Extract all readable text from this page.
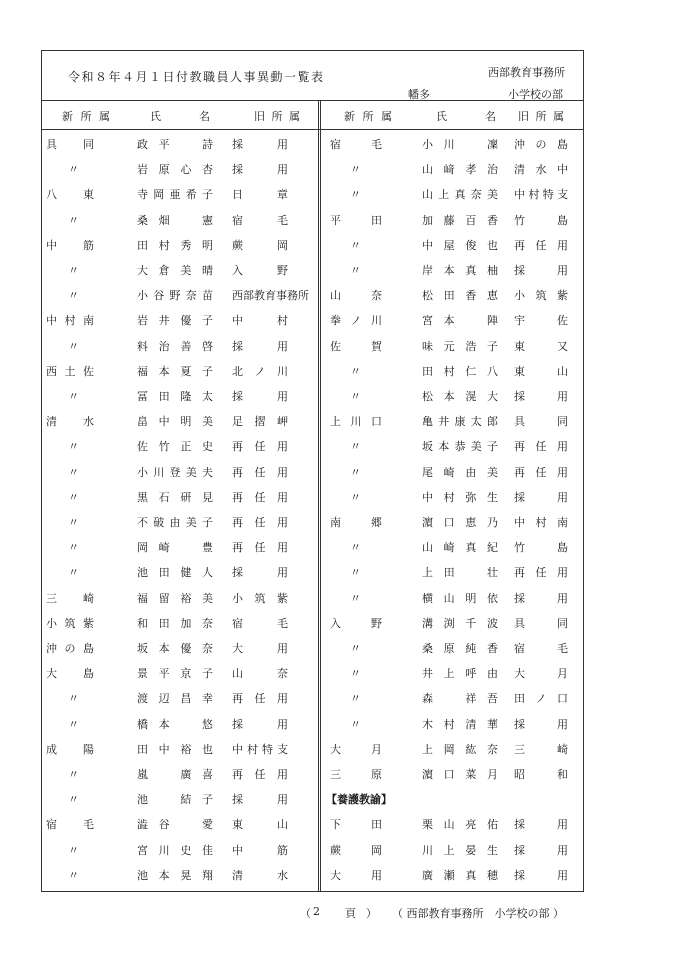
令和８年４月１日付教職員人事異動一覧表	西部教育事務所
幡多	小学校の部
新所属	氏　名	旧所属	新所属	氏　名 旧所属
具同	政平　詩 採用
〃	岩原心杏 採用
八東	寺岡亜希子 日章
〃	桑畑　憲 宿毛
中筋	田村秀明 蕨岡
〃	大倉美晴 入野
〃	小谷野奈苗 西部教育事務所
中村南	岩井優子 中村
〃	料治善啓 採用
西土佐	福本夏子 北ノ川
〃	冨田隆太 採用
清水	畠中明美 足摺岬
〃	佐竹正史 再任用
〃	小川登美夫 再任用
〃	黒石研見 再任用
〃	不破由美子 再任用
〃	岡崎　豊 再任用
〃	池田健人 採用
三崎	福留裕美 小筑紫
小筑紫	和田加奈 宿毛
沖の島	坂本優奈 大用
大島	景平京子 山奈
〃	渡辺昌幸 再任用
〃	橋本　悠 採用
成陽	田中裕也 中村特支
〃	嵐　廣喜 再任用
〃	池　結子 採用
宿毛	澁谷　愛 東山
〃	宮川史佳 中筋
〃	池本晃翔 清水
宿毛	小川　凜 沖の島
〃	山﨑孝治 清水中
〃	山上真奈美 中村特支
平田	加藤百香 竹島
〃	中屋俊也 再任用
〃	岸本真柚 採用
山奈	松田香恵 小筑紫
拳ノ川	宮本　陣 宇佐
佐賀	味元浩子 東又
〃	田村仁八 東山
〃	松本滉大 採用
上川口	亀井康太郎 具同
〃	坂本恭美子 再任用
〃	尾崎由美 再任用
〃	中村弥生 採用
南郷	濵口恵乃 中村南
〃	山崎真紀 竹島
〃	上田　壮 再任用
〃	横山明依 採用
入野	溝渕千波 具同
〃	桑原純香 宿毛
〃	井上呼由 大月
〃	森　祥吾 田ノ口
〃	木村清華 採用
大月	上岡紘奈 三崎
三原	濵口菜月 昭和
【養護教諭】
下田	栗山亮佑 採用
蕨岡	川上晏生 採用
大用	廣瀬真穂 採用
（ 2 頁 ） （ 西部教育事務所　小学校の部 ）
